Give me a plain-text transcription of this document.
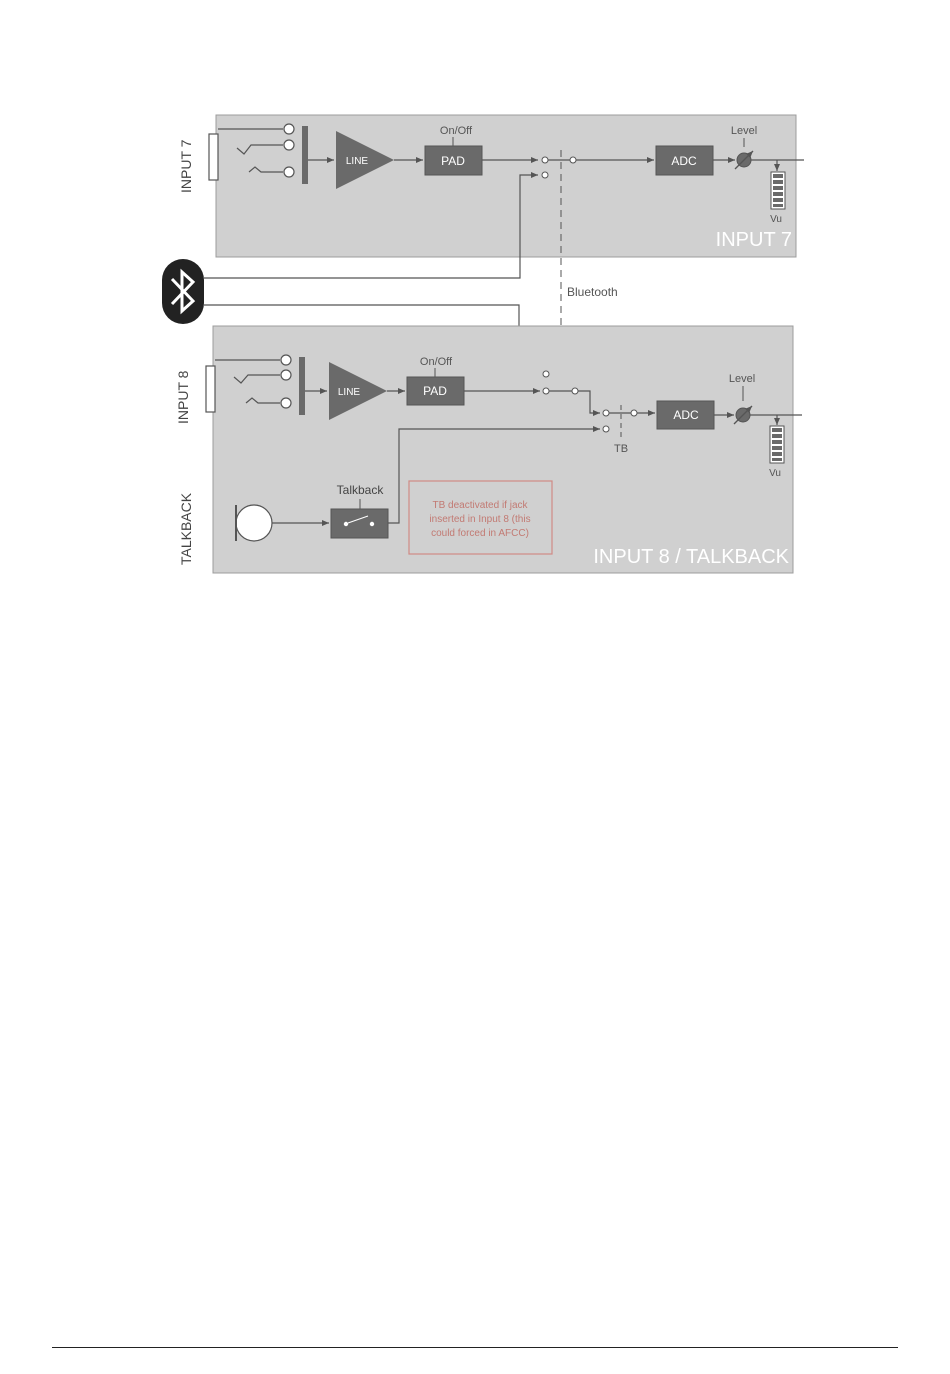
INPUT 7
INPUT 7	LINE
On/Off
PAD	ADC
Level
Vu
Bluetooth
INPUT 8 / TALKBACK
INPUT 8
TALKBACK
LINE
On/Off
PAD
TB
ADC
Level
Vu
Talkback
TB deactivated if jack
inserted in Input 8 (this
could forced in AFCC)
